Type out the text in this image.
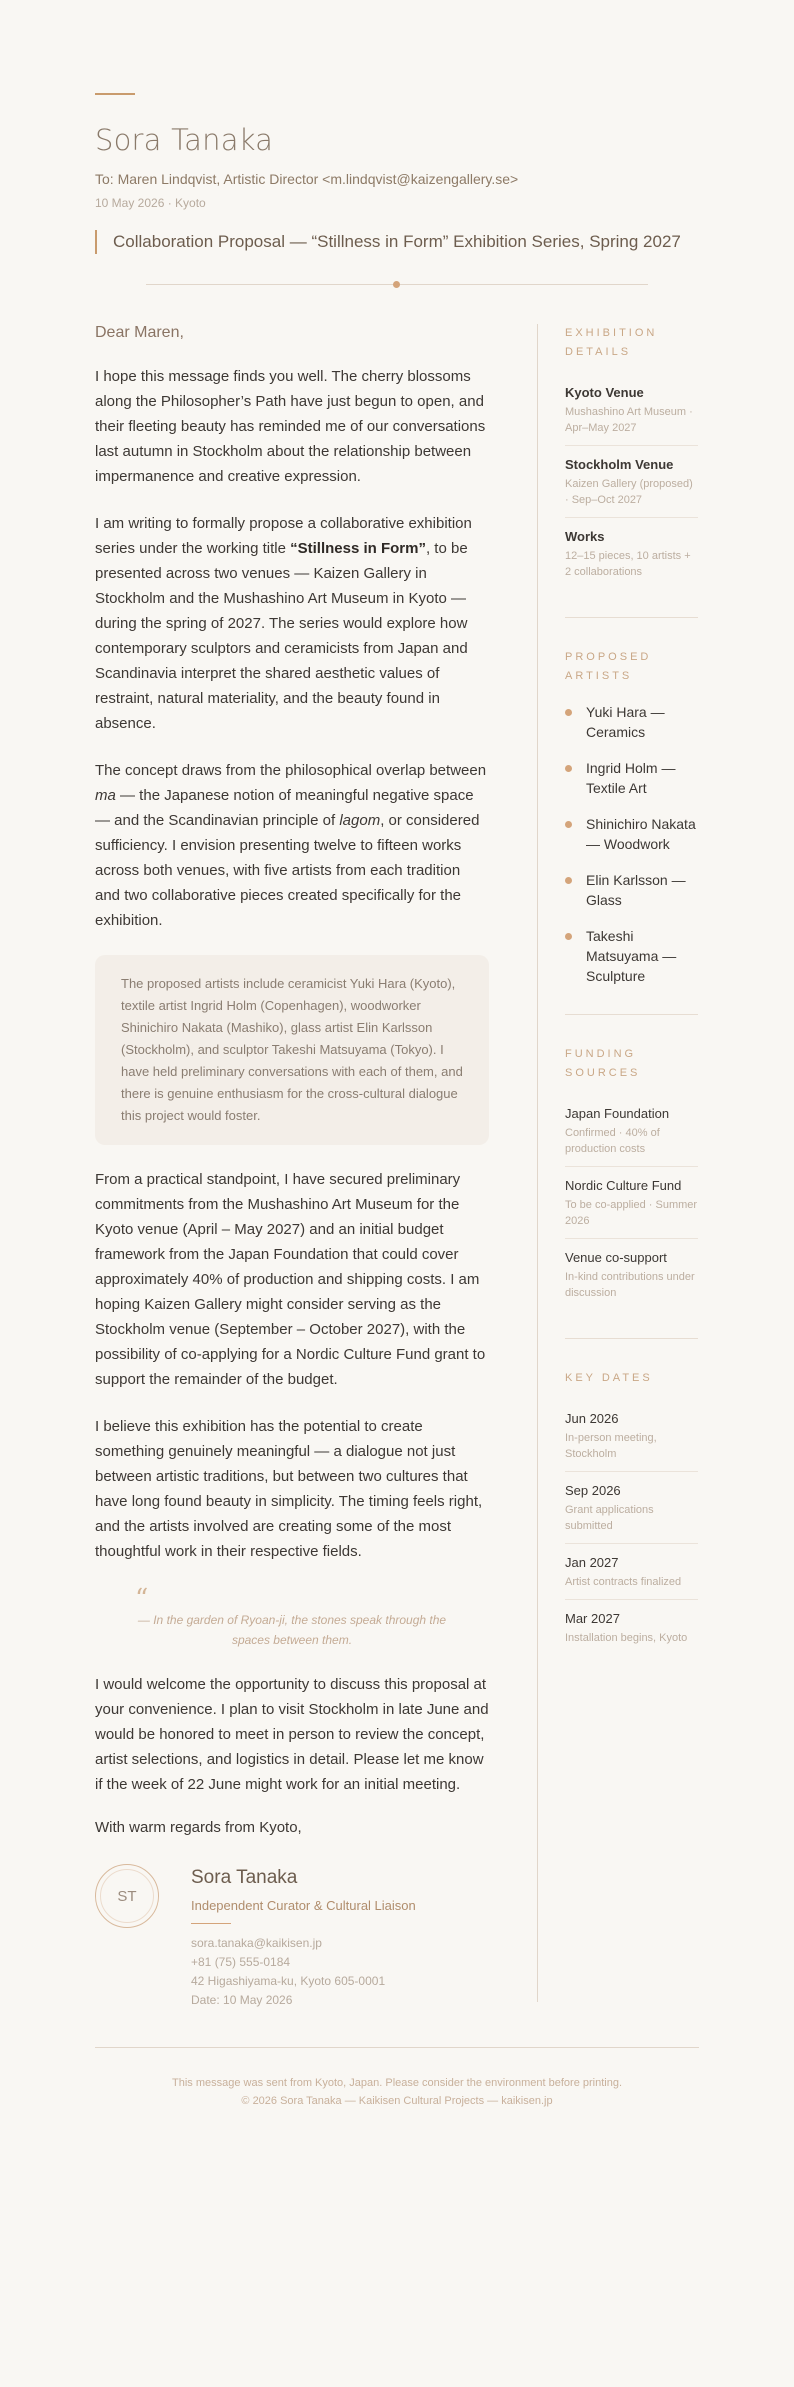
Sora Tanaka
To: Maren Lindqvist, Artistic Director <m.lindqvist@kaizengallery.se>
10 May 2026 · Kyoto
Collaboration Proposal — “Stillness in Form” Exhibition Series, Spring 2027
Dear Maren,

I hope this message finds you well. The cherry blossoms along the Philosopher’s Path have just begun to open, and their fleeting beauty has reminded me of our conversations last autumn in Stockholm about the relationship between impermanence and creative expression.

I am writing to formally propose a collaborative exhibition series under the working title “Stillness in Form”, to be presented across two venues — Kaizen Gallery in Stockholm and the Mushashino Art Museum in Kyoto — during the spring of 2027. The series would explore how contemporary sculptors and ceramicists from Japan and Scandinavia interpret the shared aesthetic values of restraint, natural materiality, and the beauty found in absence.

The concept draws from the philosophical overlap between ma — the Japanese notion of meaningful negative space — and the Scandinavian principle of lagom, or considered sufficiency. I envision presenting twelve to fifteen works across both venues, with five artists from each tradition and two collaborative pieces created specifically for the exhibition.

The proposed artists include ceramicist Yuki Hara (Kyoto), textile artist Ingrid Holm (Copenhagen), woodworker Shinichiro Nakata (Mashiko), glass artist Elin Karlsson (Stockholm), and sculptor Takeshi Matsuyama (Tokyo). I have held preliminary conversations with each of them, and there is genuine enthusiasm for the cross-cultural dialogue this project would foster.

From a practical standpoint, I have secured preliminary commitments from the Mushashino Art Museum for the Kyoto venue (April – May 2027) and an initial budget framework from the Japan Foundation that could cover approximately 40% of production and shipping costs. I am hoping Kaizen Gallery might consider serving as the Stockholm venue (September – October 2027), with the possibility of co-applying for a Nordic Culture Fund grant to support the remainder of the budget.

I believe this exhibition has the potential to create something genuinely meaningful — a dialogue not just between artistic traditions, but between two cultures that have long found beauty in simplicity. The timing feels right, and the artists involved are creating some of the most thoughtful work in their respective fields.

“
— In the garden of Ryoan-ji, the stones speak through the spaces between them.

I would welcome the opportunity to discuss this proposal at your convenience. I plan to visit Stockholm in late June and would be honored to meet in person to review the concept, artist selections, and logistics in detail. Please let me know if the week of 22 June might work for an initial meeting.

With warm regards from Kyoto,
ST
Sora Tanaka
Independent Curator & Cultural Liaison
sora.tanaka@kaikisen.jp
+81 (75) 555-0184
42 Higashiyama-ku, Kyoto 605-0001
Date: 10 May 2026
EXHIBITION DETAILS
Kyoto Venue
Mushashino Art Museum · Apr–May 2027
Stockholm Venue
Kaizen Gallery (proposed) · Sep–Oct 2027
Works
12–15 pieces, 10 artists + 2 collaborations
PROPOSED ARTISTS
Yuki Hara — Ceramics
Ingrid Holm — Textile Art
Shinichiro Nakata — Woodwork
Elin Karlsson — Glass
Takeshi Matsuyama — Sculpture
FUNDING SOURCES
Japan Foundation
Confirmed · 40% of production costs
Nordic Culture Fund
To be co-applied · Summer 2026
Venue co-support
In-kind contributions under discussion
KEY DATES
Jun 2026
In-person meeting, Stockholm
Sep 2026
Grant applications submitted
Jan 2027
Artist contracts finalized
Mar 2027
Installation begins, Kyoto
This message was sent from Kyoto, Japan. Please consider the environment before printing.
© 2026 Sora Tanaka — Kaikisen Cultural Projects — kaikisen.jp
